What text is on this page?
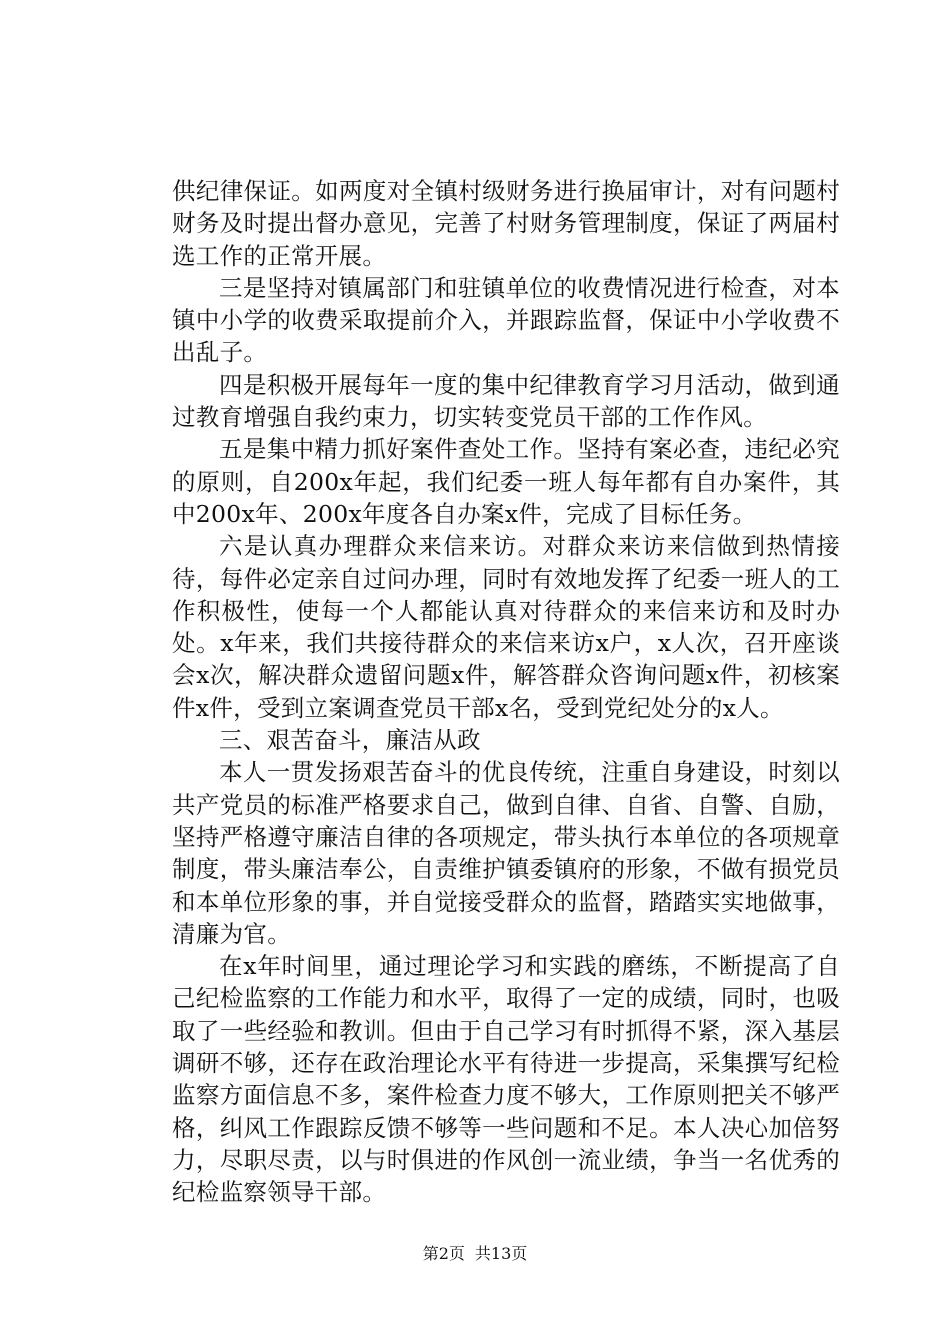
供纪律保证。如两度对全镇村级财务进行换届审计，对有问题村财务及时提出督办意见，完善了村财务管理制度，保证了两届村选工作的正常开展。

三是坚持对镇属部门和驻镇单位的收费情况进行检查，对本镇中小学的收费采取提前介入，并跟踪监督，保证中小学收费不出乱子。

四是积极开展每年一度的集中纪律教育学习月活动，做到通过教育增强自我约束力，切实转变党员干部的工作作风。

五是集中精力抓好案件查处工作。坚持有案必查，违纪必究的原则，自200x年起，我们纪委一班人每年都有自办案件，其中200x年、200x年度各自办案x件，完成了目标任务。

六是认真办理群众来信来访。对群众来访来信做到热情接待，每件必定亲自过问办理，同时有效地发挥了纪委一班人的工作积极性，使每一个人都能认真对待群众的来信来访和及时办处。x年来，我们共接待群众的来信来访x户，x人次，召开座谈会x次，解决群众遗留问题x件，解答群众咨询问题x件，初核案件x件，受到立案调查党员干部x名，受到党纪处分的x人。

三、艰苦奋斗，廉洁从政

本人一贯发扬艰苦奋斗的优良传统，注重自身建设，时刻以共产党员的标准严格要求自己，做到自律、自省、自警、自励，坚持严格遵守廉洁自律的各项规定，带头执行本单位的各项规章制度，带头廉洁奉公，自责维护镇委镇府的形象，不做有损党员和本单位形象的事，并自觉接受群众的监督，踏踏实实地做事，清廉为官。

在x年时间里，通过理论学习和实践的磨练，不断提高了自己纪检监察的工作能力和水平，取得了一定的成绩，同时，也吸取了一些经验和教训。但由于自己学习有时抓得不紧，深入基层调研不够，还存在政治理论水平有待进一步提高，采集撰写纪检监察方面信息不多，案件检查力度不够大，工作原则把关不够严格，纠风工作跟踪反馈不够等一些问题和不足。本人决心加倍努力，尽职尽责，以与时俱进的作风创一流业绩，争当一名优秀的纪检监察领导干部。

第2页 共13页
